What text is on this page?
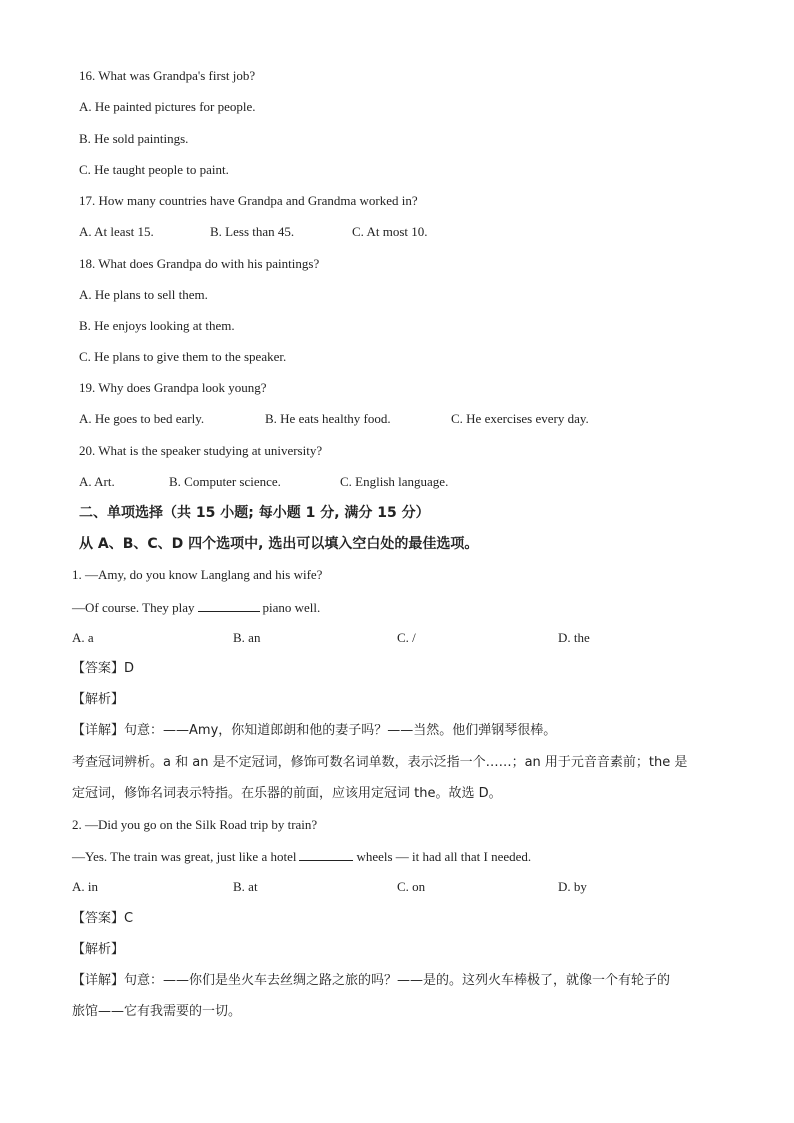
16. What was Grandpa's first job?
A. He painted pictures for people.
B. He sold paintings.
C. He taught people to paint.
17. How many countries have Grandpa and Grandma worked in?
A. At least 15.	B. Less than 45.	C. At most 10.
18. What does Grandpa do with his paintings?
A. He plans to sell them.
B. He enjoys looking at them.
C. He plans to give them to the speaker.
19. Why does Grandpa look young?
A. He goes to bed early.	B. He eats healthy food.	C. He exercises every day.
20. What is the speaker studying at university?
A. Art.	B. Computer science.	C. English language.
二、单项选择（共 15 小题; 每小题 1 分, 满分 15 分）
从 A、B、C、D 四个选项中, 选出可以填入空白处的最佳选项。
1. —Amy, do you know Langlang and his wife?
—Of course. They play	piano well.
A. a	B. an	C. /	D. the
【答案】D
【解析】
【详解】句意：——Amy，你知道郎朗和他的妻子吗？——当然。他们弹钢琴很棒。
考查冠词辨析。a 和 an 是不定冠词，修饰可数名词单数，表示泛指一个……；an 用于元音音素前；the 是
定冠词，修饰名词表示特指。在乐器的前面，应该用定冠词 the。故选 D。
2. —Did you go on the Silk Road trip by train?
—Yes. The train was great, just like a hotel	wheels — it had all that I needed.
A. in	B. at	C. on	D. by
【答案】C
【解析】
【详解】句意：——你们是坐火车去丝绸之路之旅的吗？——是的。这列火车棒极了，就像一个有轮子的
旅馆——它有我需要的一切。
